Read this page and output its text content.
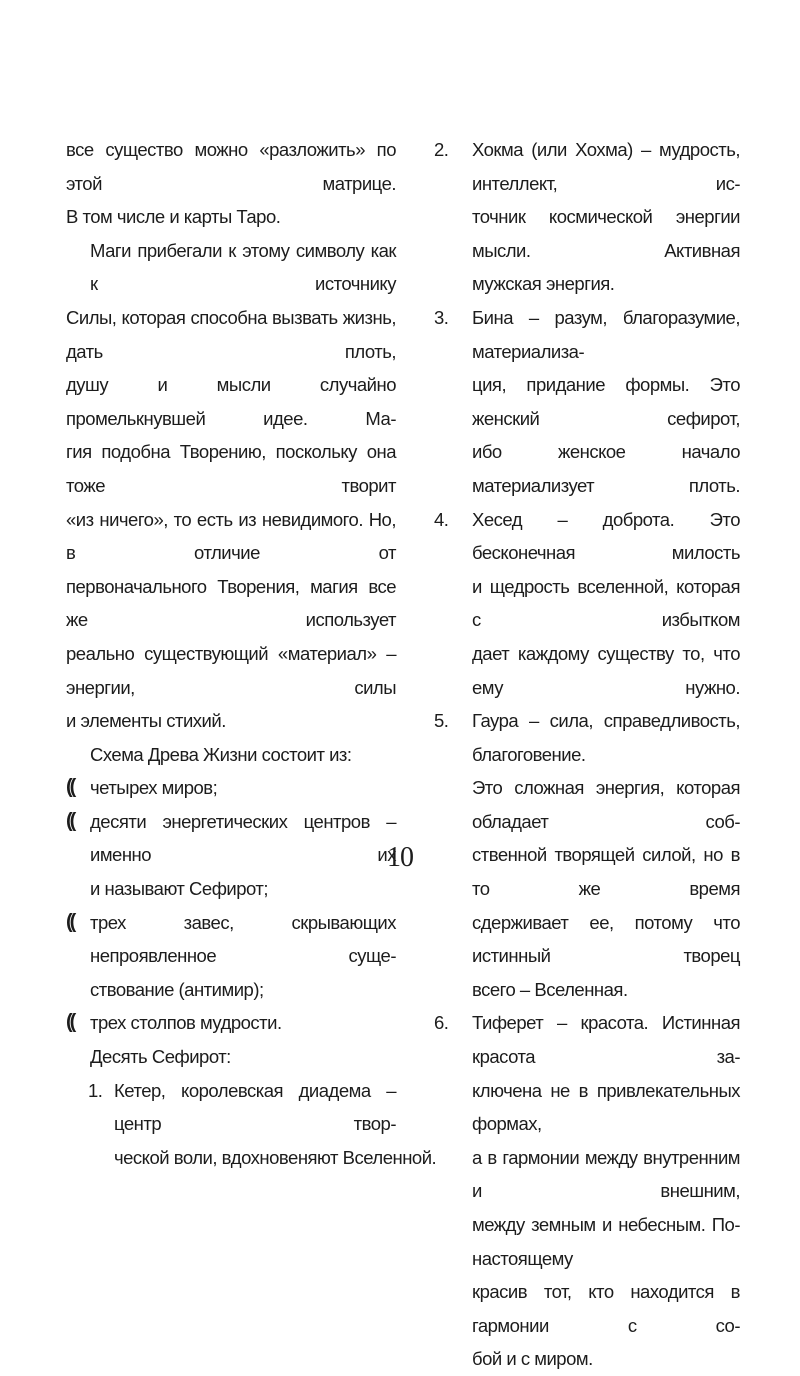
все существо можно «разложить» по этой матрице.
В том числе и карты Таро.
Маги прибегали к этому символу как к источнику
Силы, которая способна вызвать жизнь, дать плоть,
душу и мысли случайно промелькнувшей идее. Ма-
гия подобна Творению, поскольку она тоже творит
«из ничего», то есть из невидимого. Но, в отличие от
первоначального Творения, магия все же использует
реально существующий «материал» – энергии, силы
и элементы стихий.
Схема Древа Жизни состоит из:
(( четырех миров;
(( десяти энергетических центров – именно их
и называют Сефирот;
(( трех завес, скрывающих непроявленное суще-
ствование (антимир);
(( трех столпов мудрости.
Десять Сефирот:
1. Кетер, королевская диадема – центр твор-
ческой воли, вдохновеняют Вселенной.
2. Хокма (или Хохма) – мудрость, интеллект, ис-
точник космической энергии мысли. Активная
мужская энергия.
3. Бина – разум, благоразумие, материализа-
ция, придание формы. Это женский сефирот,
ибо женское начало материализует плоть.
4. Хесед – доброта. Это бесконечная милость
и щедрость вселенной, которая с избытком
дает каждому существу то, что ему нужно.
5. Гаура – сила, справедливость, благоговение.
Это сложная энергия, которая обладает соб-
ственной творящей силой, но в то же время
сдерживает ее, потому что истинный творец
всего – Вселенная.
6. Тиферет – красота. Истинная красота за-
ключена не в привлекательных формах,
а в гармонии между внутренним и внешним,
между земным и небесным. По-настоящему
красив тот, кто находится в гармонии с со-
бой и с миром.
10
